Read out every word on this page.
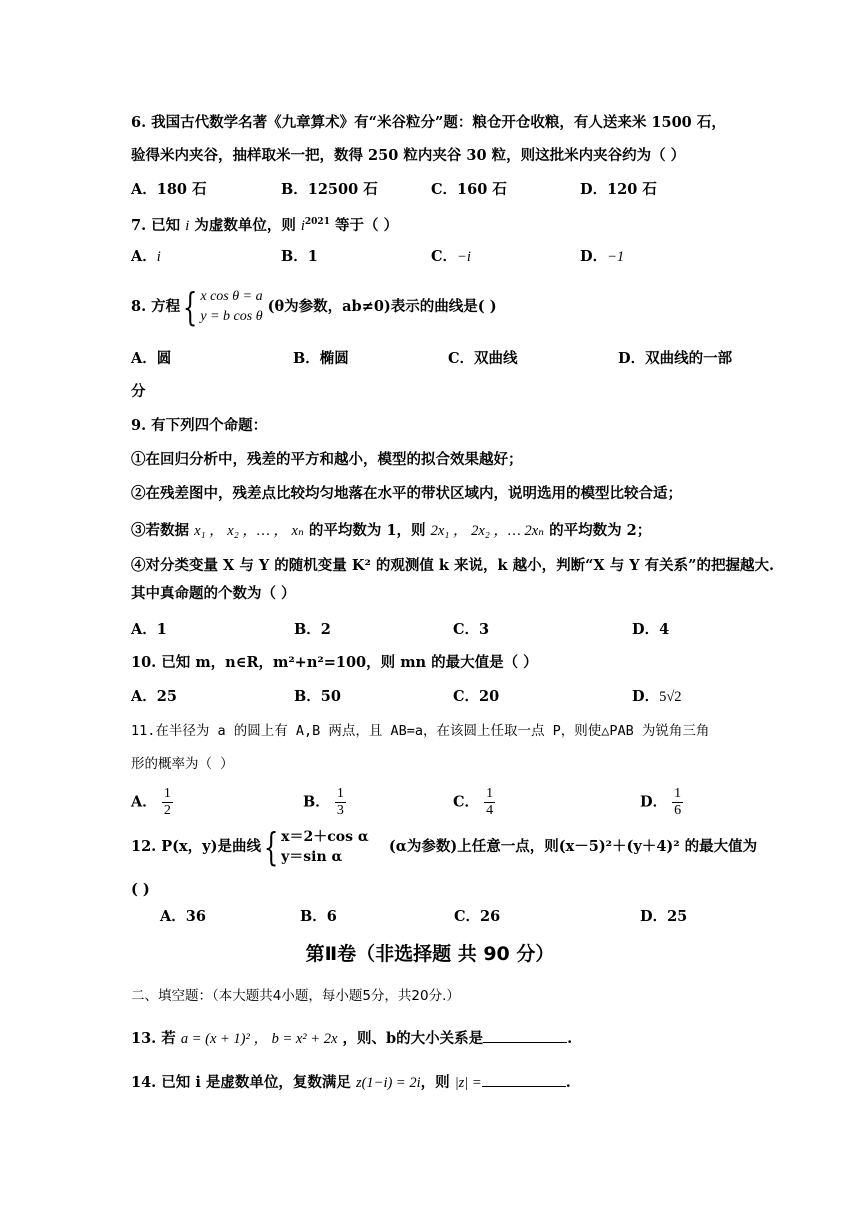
6. 我国古代数学名著《九章算术》有“米谷粒分”题：粮仓开仓收粮，有人送来米 1500 石，
验得米内夹谷，抽样取米一把，数得 250 粒内夹谷 30 粒，则这批米内夹谷约为（ ）
A．180 石	B．12500 石	C．160 石	D．120 石
7. 已知 i 为虚数单位，则 $i^{2021}$ 等于（ ）
A．i	B．1	C．−i	D．−1
8. 方程{ x cos θ = a
y = b cos θ
(θ为参数，ab≠0)表示的曲线是( )
A．圆	B．椭圆	C．双曲线	D．双曲线的一部
分
9. 有下列四个命题：
①在回归分析中，残差的平方和越小，模型的拟合效果越好；
②在残差图中，残差点比较均匀地落在水平的带状区域内，说明选用的模型比较合适；
③若数据 x₁ ， x₂ ，… ， xₙ 的平均数为 1，则 2x₁ ， 2x₂ ，… 2xₙ 的平均数为 2；
④对分类变量 X 与 Y 的随机变量 K² 的观测值 k 来说，k 越小，判断“X 与 Y 有关系”的把握越大.
其中真命题的个数为（ ）
A．1	B．2	C．3	D．4
10. 已知 m，n∈R，m²+n²=100，则 mn 的最大值是（ ）
A．25	B．50	C．20	D．5√2
11.在半径为 a 的圆上有 A,B 两点，且 AB=a，在该圆上任取一点 P，则使△PAB 为锐角三角
形的概率为（ ）
A． $\frac{1}{2}$	B． $\frac{1}{3}$	C． $\frac{1}{4}$	D． $\frac{1}{6}$
12. P(x，y)是曲线{ x＝2＋cos α
y＝sin α
(α为参数)上任意一点，则(x－5)²＋(y＋4)² 的最大值为
( )
A．36	B．6	C．26	D．25
第Ⅱ卷（非选择题 共 90 分）
二、填空题：（本大题共4小题，每小题5分，共20分.）
13. 若 a = (x + 1)² ， b = x² + 2x ，则、b的大小关系是	.
14. 已知 i 是虚数单位，复数满足 z(1−i) = 2i，则 |z| =	.
